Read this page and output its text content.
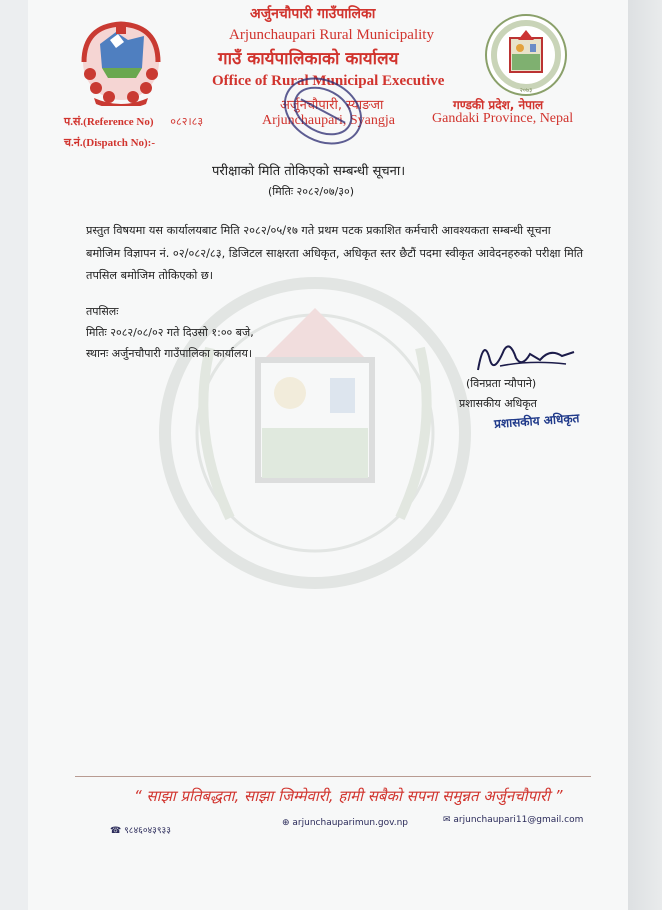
२०७३
अर्जुनचौपारी गाउँपालिका
Arjunchaupari Rural Municipality
गाउँ कार्यपालिकाको कार्यालय
Office of Rural Municipal Executive
अर्जुनचौपारी, स्याङजा
Arjunchaupari, Syangja
गण्डकी प्रदेश, नेपाल
Gandaki Province, Nepal
प.सं.(Reference No) ०८२।८३
च.नं.(Dispatch No):-
परीक्षाको मिति तोकिएको सम्बन्धी सूचना।
(मितिः २०८२/०७/३०)
प्रस्तुत विषयमा यस कार्यालयबाट मिति २०८२/०५/१७ गते प्रथम पटक प्रकाशित कर्मचारी आवश्यकता सम्बन्धी सूचना बमोजिम विज्ञापन नं. ०२/०८२/८३, डिजिटल साक्षरता अधिकृत, अधिकृत स्तर छैटौं पदमा स्वीकृत आवेदनहरुको परीक्षा मिति तपसिल बमोजिम तोकिएको छ।
तपसिलः
मितिः २०८२/०८/०२ गते दिउसो १:०० बजे,
स्थानः अर्जुनचौपारी गाउँपालिका कार्यालय।
(विनप्रता न्यौपाने)
प्रशासकीय अधिकृत
प्रशासकीय अधिकृत
“ साझा प्रतिबद्धता, साझा जिम्मेवारी, हामी सबैको सपना समुन्नत अर्जुनचौपारी ”
☎ ९८४६०४३९३३
⊕ arjunchauparimun.gov.np	✉ arjunchaupari11@gmail.com
